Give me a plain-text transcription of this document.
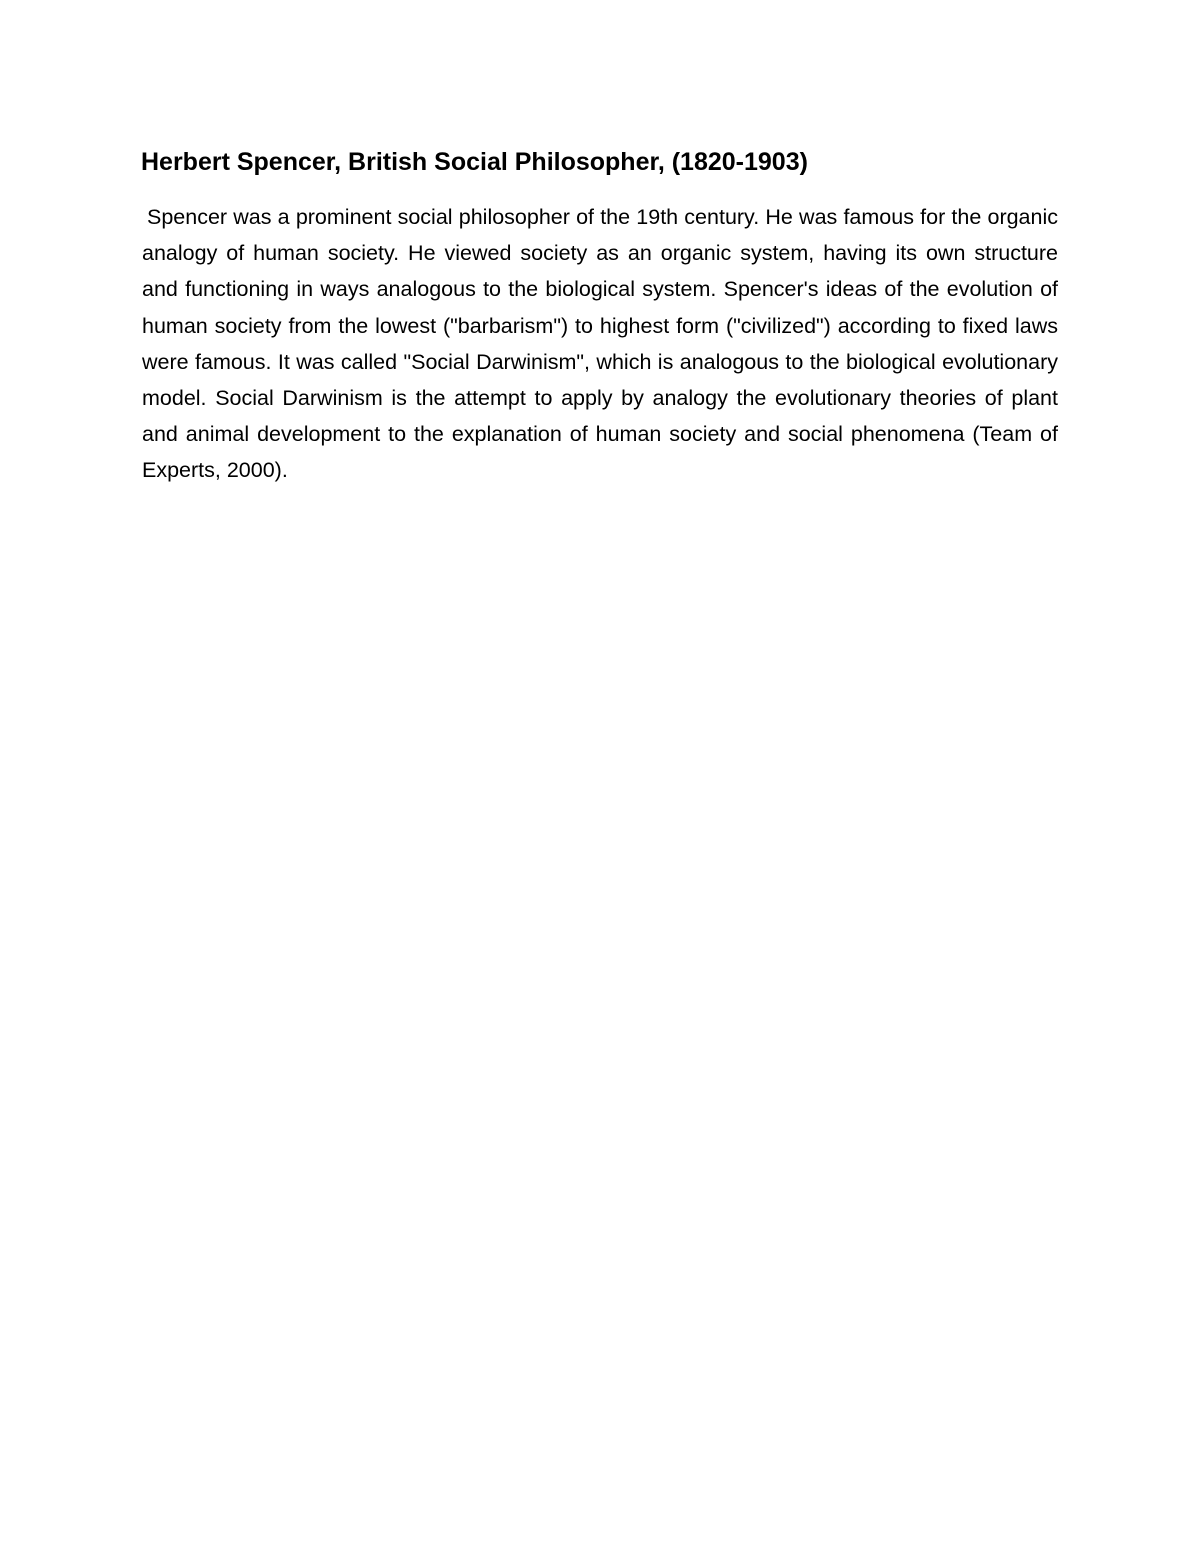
Herbert Spencer, British Social Philosopher, (1820-1903)

Spencer was a prominent social philosopher of the 19th century. He was famous for the organic analogy of human society. He viewed society as an organic system, having its own structure and functioning in ways analogous to the biological system. Spencer's ideas of the evolution of human society from the lowest ("barbarism") to highest form ("civilized") according to fixed laws were famous. It was called "Social Darwinism", which is analogous to the biological evolutionary model. Social Darwinism is the attempt to apply by analogy the evolutionary theories of plant and animal development to the explanation of human society and social phenomena (Team of Experts, 2000).
